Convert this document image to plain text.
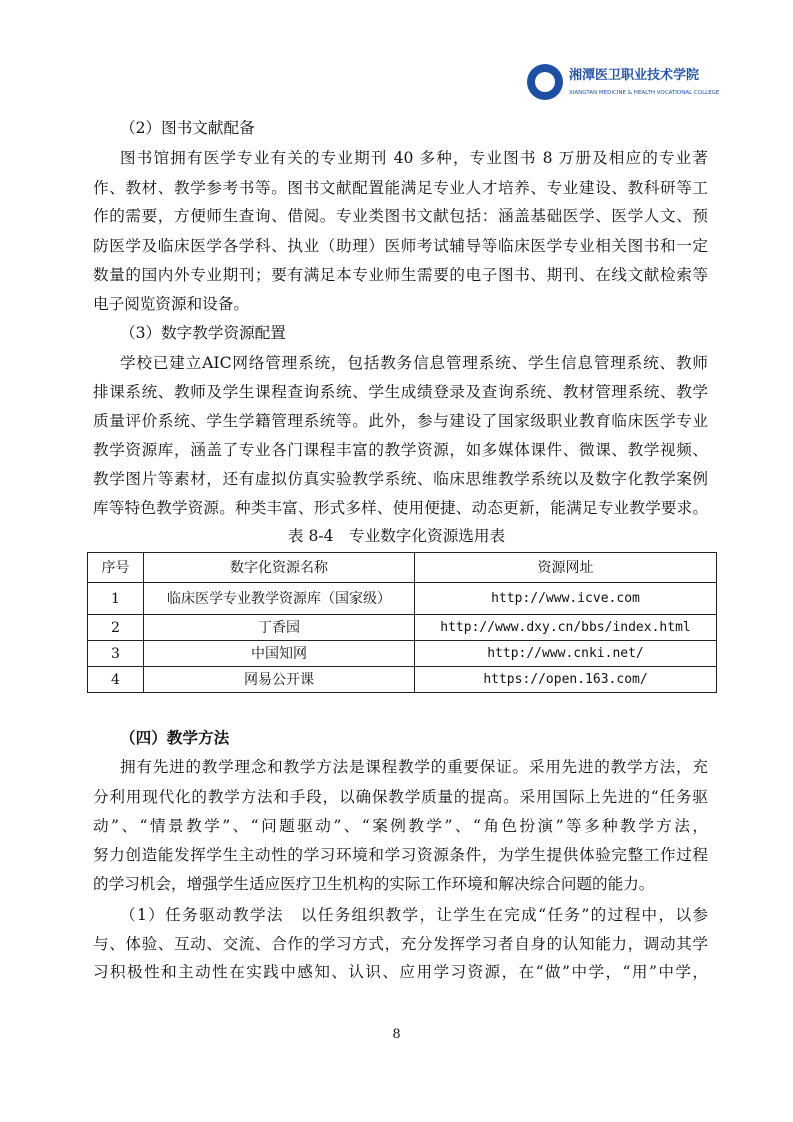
湘潭医卫职业技术学院
XIANGTAN MEDICINE & HEALTH VOCATIONAL COLLEGE
（2）图书文献配备
图书馆拥有医学专业有关的专业期刊 40 多种，专业图书 8 万册及相应的专业著
作、教材、教学参考书等。图书文献配置能满足专业人才培养、专业建设、教科研等工
作的需要，方便师生查询、借阅。专业类图书文献包括：涵盖基础医学、医学人文、预
防医学及临床医学各学科、执业（助理）医师考试辅导等临床医学专业相关图书和一定
数量的国内外专业期刊；要有满足本专业师生需要的电子图书、期刊、在线文献检索等
电子阅览资源和设备。
（3）数字教学资源配置
学校已建立AIC网络管理系统，包括教务信息管理系统、学生信息管理系统、教师
排课系统、教师及学生课程查询系统、学生成绩登录及查询系统、教材管理系统、教学
质量评价系统、学生学籍管理系统等。此外，参与建设了国家级职业教育临床医学专业
教学资源库，涵盖了专业各门课程丰富的教学资源，如多媒体课件、微课、教学视频、
教学图片等素材，还有虚拟仿真实验教学系统、临床思维教学系统以及数字化教学案例
库等特色教学资源。种类丰富、形式多样、使用便捷、动态更新，能满足专业教学要求。
表 8-4　专业数字化资源选用表
序号	数字化资源名称	资源网址
1	临床医学专业教学资源库（国家级）	http://www.icve.com
2	丁香园	http://www.dxy.cn/bbs/index.html
3	中国知网	http://www.cnki.net/
4	网易公开课	https://open.163.com/
（四）教学方法
拥有先进的教学理念和教学方法是课程教学的重要保证。采用先进的教学方法，充
分利用现代化的教学方法和手段，以确保教学质量的提高。采用国际上先进的“任务驱
动”、“情景教学”、“问题驱动”、“案例教学”、“角色扮演”等多种教学方法，
努力创造能发挥学生主动性的学习环境和学习资源条件，为学生提供体验完整工作过程
的学习机会，增强学生适应医疗卫生机构的实际工作环境和解决综合问题的能力。
（1）任务驱动教学法　以任务组织教学，让学生在完成“任务”的过程中，以参
与、体验、互动、交流、合作的学习方式，充分发挥学习者自身的认知能力，调动其学
习积极性和主动性在实践中感知、认识、应用学习资源，在“做”中学，“用”中学，
8
